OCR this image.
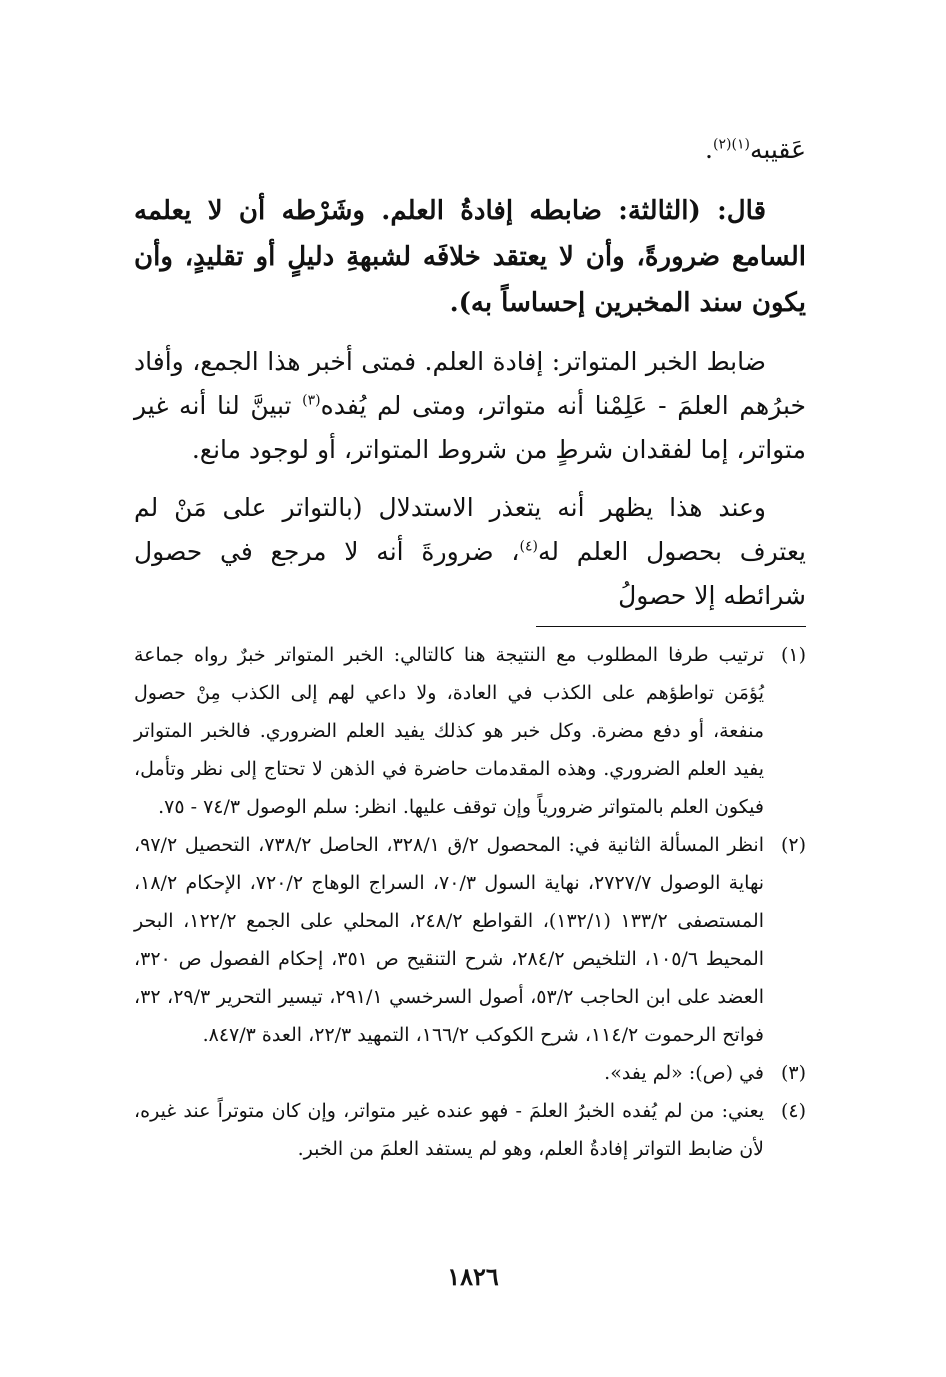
عَقيبه$^{(١)(٢)}$.

قال: (الثالثة: ضابطه إفادةُ العلم. وشَرْطه أن لا يعلمه السامع ضرورةً، وأن لا يعتقد خلافَه لشبهةِ دليلٍ أو تقليدٍ، وأن يكون سند المخبرين إحساساً به).

ضابط الخبر المتواتر: إفادة العلم. فمتى أخبر هذا الجمع، وأفاد خبرُهم العلمَ - عَلِمْنا أنه متواتر، ومتى لم يُفده$^{(٣)}$ تبينَّ لنا أنه غير متواتر، إما لفقدان شرطٍ من شروط المتواتر، أو لوجود مانع.

وعند هذا يظهر أنه يتعذر الاستدلال (بالتواتر على مَنْ لم يعترف بحصول العلم له$^{(٤)}$، ضرورةَ أنه لا مرجع في حصول شرائطه إلا حصولُ

(١)
ترتيب طرفا المطلوب مع النتيجة هنا كالتالي: الخبر المتواتر خبرٌ رواه جماعة يُؤمَن تواطؤهم على الكذب في العادة، ولا داعي لهم إلى الكذب مِنْ حصول منفعة، أو دفع مضرة. وكل خبر هو كذلك يفيد العلم الضروري. فالخبر المتواتر يفيد العلم الضروري. وهذه المقدمات حاضرة في الذهن لا تحتاج إلى نظر وتأمل، فيكون العلم بالمتواتر ضرورياً وإن توقف عليها. انظر: سلم الوصول ٧٤/٣ - ٧٥.
(٢)
انظر المسألة الثانية في: المحصول ٢/ق ٣٢٨/١، الحاصل ٧٣٨/٢، التحصيل ٩٧/٢، نهاية الوصول ٢٧٢٧/٧، نهاية السول ٧٠/٣، السراج الوهاج ٧٢٠/٢، الإحكام ١٨/٢، المستصفى ١٣٣/٢ (١٣٢/١)، القواطع ٢٤٨/٢، المحلي على الجمع ١٢٢/٢، البحر المحيط ١٠٥/٦، التلخيص ٢٨٤/٢، شرح التنقيح ص ٣٥١، إحكام الفصول ص ٣٢٠، العضد على ابن الحاجب ٥٣/٢، أصول السرخسي ٢٩١/١، تيسير التحرير ٢٩/٣، ٣٢، فواتح الرحموت ١١٤/٢، شرح الكوكب ١٦٦/٢، التمهيد ٢٢/٣، العدة ٨٤٧/٣.
(٣)
في (ص): «لم يفد».
(٤)
يعني: من لم يُفده الخبرُ العلمَ - فهو عنده غير متواتر، وإن كان متوتراً عند غيره، لأن ضابط التواتر إفادةُ العلم، وهو لم يستفد العلمَ من الخبر.
١٨٢٦
